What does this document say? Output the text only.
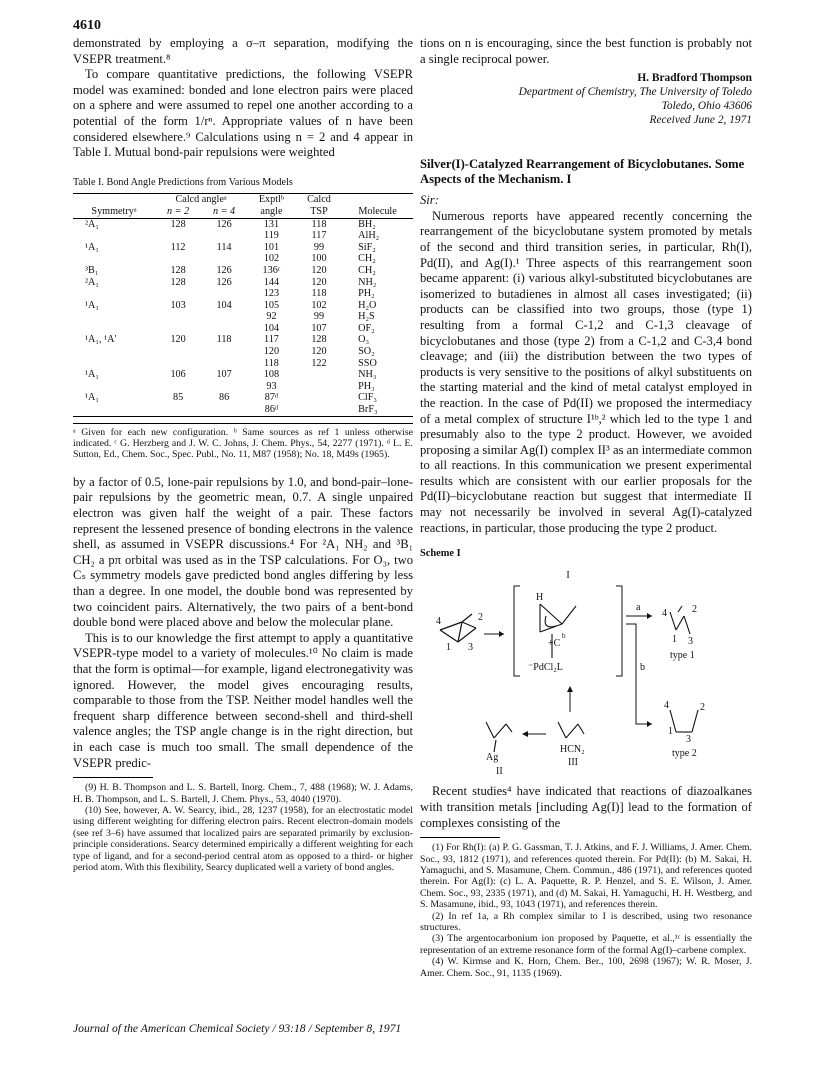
4610

demonstrated by employing a σ–π separation, modifying the VSEPR treatment.⁸

To compare quantitative predictions, the following VSEPR model was examined: bonded and lone electron pairs were placed on a sphere and were assumed to repel one another according to a potential of the form 1/rⁿ. Appropriate values of n have been considered elsewhere.⁹ Calculations using n = 2 and 4 appear in Table I. Mutual bond-pair repulsions were weighted

Table I. Bond Angle Predictions from Various Models
	Calcd angleᵃ		Exptlᵇ	Calcd	
Symmetryᵃ	n = 2	n = 4	angle	TSP	Molecule
²A₁	128	126	131	118	BH₂
			119	117	AlH₂
¹A₁	112	114	101	99	SiF₂
			102	100	CH₂
³B₁	128	126	136ᶜ	120	CH₂
²A₁	128	126	144	120	NH₂
			123	118	PH₂
¹A₁	103	104	105	102	H₂O
			92	99	H₂S
			104	107	OF₂
¹A₁, ¹A′	120	118	117	128	O₃
			120	120	SO₂
			118	122	SSO
¹A₁	106	107	108		NH₃
			93		PH₃
¹A₁	85	86	87ᵈ		ClF₃
			86ᵈ		BrF₃
ᵃ Given for each new configuration. ᵇ Same sources as ref 1 unless otherwise indicated. ᶜ G. Herzberg and J. W. C. Johns, J. Chem. Phys., 54, 2277 (1971). ᵈ L. E. Sutton, Ed., Chem. Soc., Spec. Publ., No. 11, M87 (1958); No. 18, M49s (1965).

by a factor of 0.5, lone-pair repulsions by 1.0, and bond-pair–lone-pair repulsions by the geometric mean, 0.7. A single unpaired electron was given half the weight of a pair. These factors represent the lessened presence of bonding electrons in the valence shell, as assumed in VSEPR discussions.⁴ For ²A₁ NH₂ and ³B₁ CH₂ a pπ orbital was used as in the TSP calculations. For O₃, two Cₛ symmetry models gave predicted bond angles differing by less than a degree. In one model, the double bond was represented by two coincident pairs. Alternatively, the two pairs of a bent-bond double bond were placed above and below the molecular plane.

This is to our knowledge the first attempt to apply a quantitative VSEPR-type model to a variety of molecules.¹⁰ No claim is made that the form is optimal—for example, ligand electronegativity was ignored. However, the model gives encouraging results, comparable to those from the TSP. Neither model handles well the frequent sharp difference between second-shell and third-shell valence angles; the TSP angle change is in the right direction, but in each case is much too small. The small dependence of the VSEPR predic-

(9) H. B. Thompson and L. S. Bartell, Inorg. Chem., 7, 488 (1968); W. J. Adams, H. B. Thompson, and L. S. Bartell, J. Chem. Phys., 53, 4040 (1970).

(10) See, however, A. W. Searcy, ibid., 28, 1237 (1958), for an electrostatic model using different weighting for differing electron pairs. Recent electron-domain models (see ref 3–6) have assumed that localized pairs are separated primarily by exclusion-principle considerations. Searcy determined empirically a different weighting for each type of ligand, and for a second-period central atom as opposed to a third- or higher period atom. With this flexibility, Searcy duplicated well a variety of bond angles.

tions on n is encouraging, since the best function is probably not a single reciprocal power.

H. Bradford Thompson
Department of Chemistry, The University of Toledo
Toledo, Ohio 43606
Received June 2, 1971
Silver(I)-Catalyzed Rearrangement of Bicyclobutanes. Some Aspects of the Mechanism. I
Sir:

Numerous reports have appeared recently concerning the rearrangement of the bicyclobutane system promoted by metals of the second and third transition series, in particular, Rh(I), Pd(II), and Ag(I).¹ Three aspects of this rearrangement soon became apparent: (i) various alkyl-substituted bicyclobutanes are isomerized to butadienes in almost all cases investigated; (ii) products can be classified into two groups, those (type 1) resulting from a formal C-1,2 and C-1,3 cleavage of bicyclobutanes and those (type 2) from a C-1,2 and C-3,4 bond cleavage; and (iii) the distribution between the two types of products is very sensitive to the positions of alkyl substituents on the starting material and the kind of metal catalyst employed in the reaction. In the case of Pd(II) we proposed the intermediacy of a metal complex of structure I¹ᵇ,² which led to the type 1 and presumably also to the type 2 product. However, we avoided proposing a similar Ag(I) complex II³ as an intermediate common to all reactions. In this communication we present experimental results which are consistent with our earlier proposals for the Pd(II)–bicyclobutane reaction but suggest that intermediate II may not necessarily be involved in several Ag(I)-catalyzed reactions, in particular, those producing the type 2 product.

Scheme I
4	2
1 3
I
H
+C
⁻PdCl₂L
b
a
b
4	2
1 3
type 1
4	2
1
3
type 2
HCN₂
III
Ag
II

Recent studies⁴ have indicated that reactions of diazoalkanes with transition metals [including Ag(I)] lead to the formation of complexes consisting of the

(1) For Rh(I): (a) P. G. Gassman, T. J. Atkins, and F. J. Williams, J. Amer. Chem. Soc., 93, 1812 (1971), and references quoted therein. For Pd(II): (b) M. Sakai, H. Yamaguchi, and S. Masamune, Chem. Commun., 486 (1971), and references quoted therein. For Ag(I): (c) L. A. Paquette, R. P. Henzel, and S. E. Wilson, J. Amer. Chem. Soc., 93, 2335 (1971), and (d) M. Sakai, H. Yamaguchi, H. H. Westberg, and S. Masamune, ibid., 93, 1043 (1971), and references therein.

(2) In ref 1a, a Rh complex similar to I is described, using two resonance structures.

(3) The argentocarbonium ion proposed by Paquette, et al.,¹ᶜ is essentially the representation of an extreme resonance form of the formal Ag(I)–carbene complex.

(4) W. Kirmse and K. Horn, Chem. Ber., 100, 2698 (1967); W. R. Moser, J. Amer. Chem. Soc., 91, 1135 (1969).

Journal of the American Chemical Society / 93:18 / September 8, 1971
